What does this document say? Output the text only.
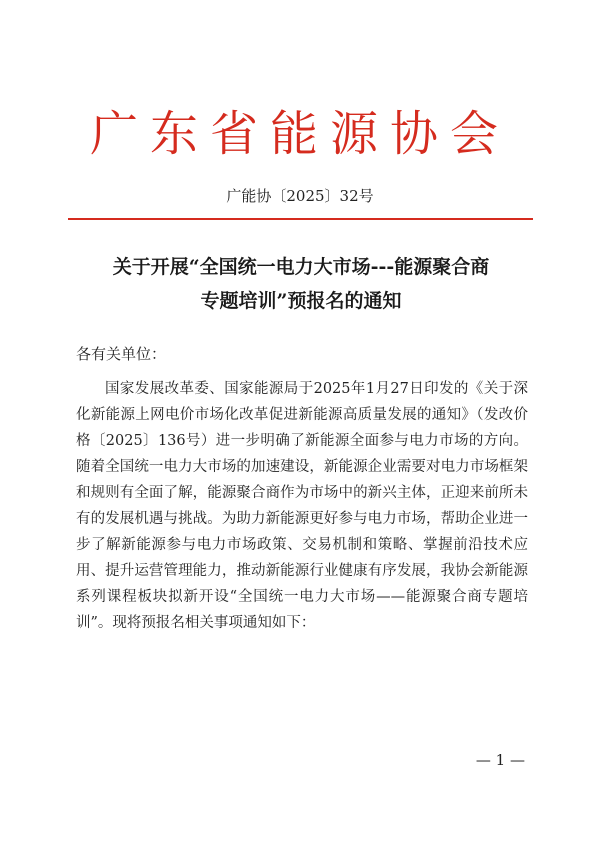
广东省能源协会
广能协〔2025〕32号
关于开展“全国统一电力大市场---能源聚合商
专题培训”预报名的通知
各有关单位：

国家发展改革委、国家能源局于2025年1月27日印发的《关于深化新能源上网电价市场化改革促进新能源高质量发展的通知》（发改价格〔2025〕136号）进一步明确了新能源全面参与电力市场的方向。随着全国统一电力大市场的加速建设，新能源企业需要对电力市场框架和规则有全面了解，能源聚合商作为市场中的新兴主体，正迎来前所未有的发展机遇与挑战。为助力新能源更好参与电力市场，帮助企业进一步了解新能源参与电力市场政策、交易机制和策略、掌握前沿技术应用、提升运营管理能力，推动新能源行业健康有序发展，我协会新能源系列课程板块拟新开设“全国统一电力大市场——能源聚合商专题培训”。现将预报名相关事项通知如下：

— 1 —
